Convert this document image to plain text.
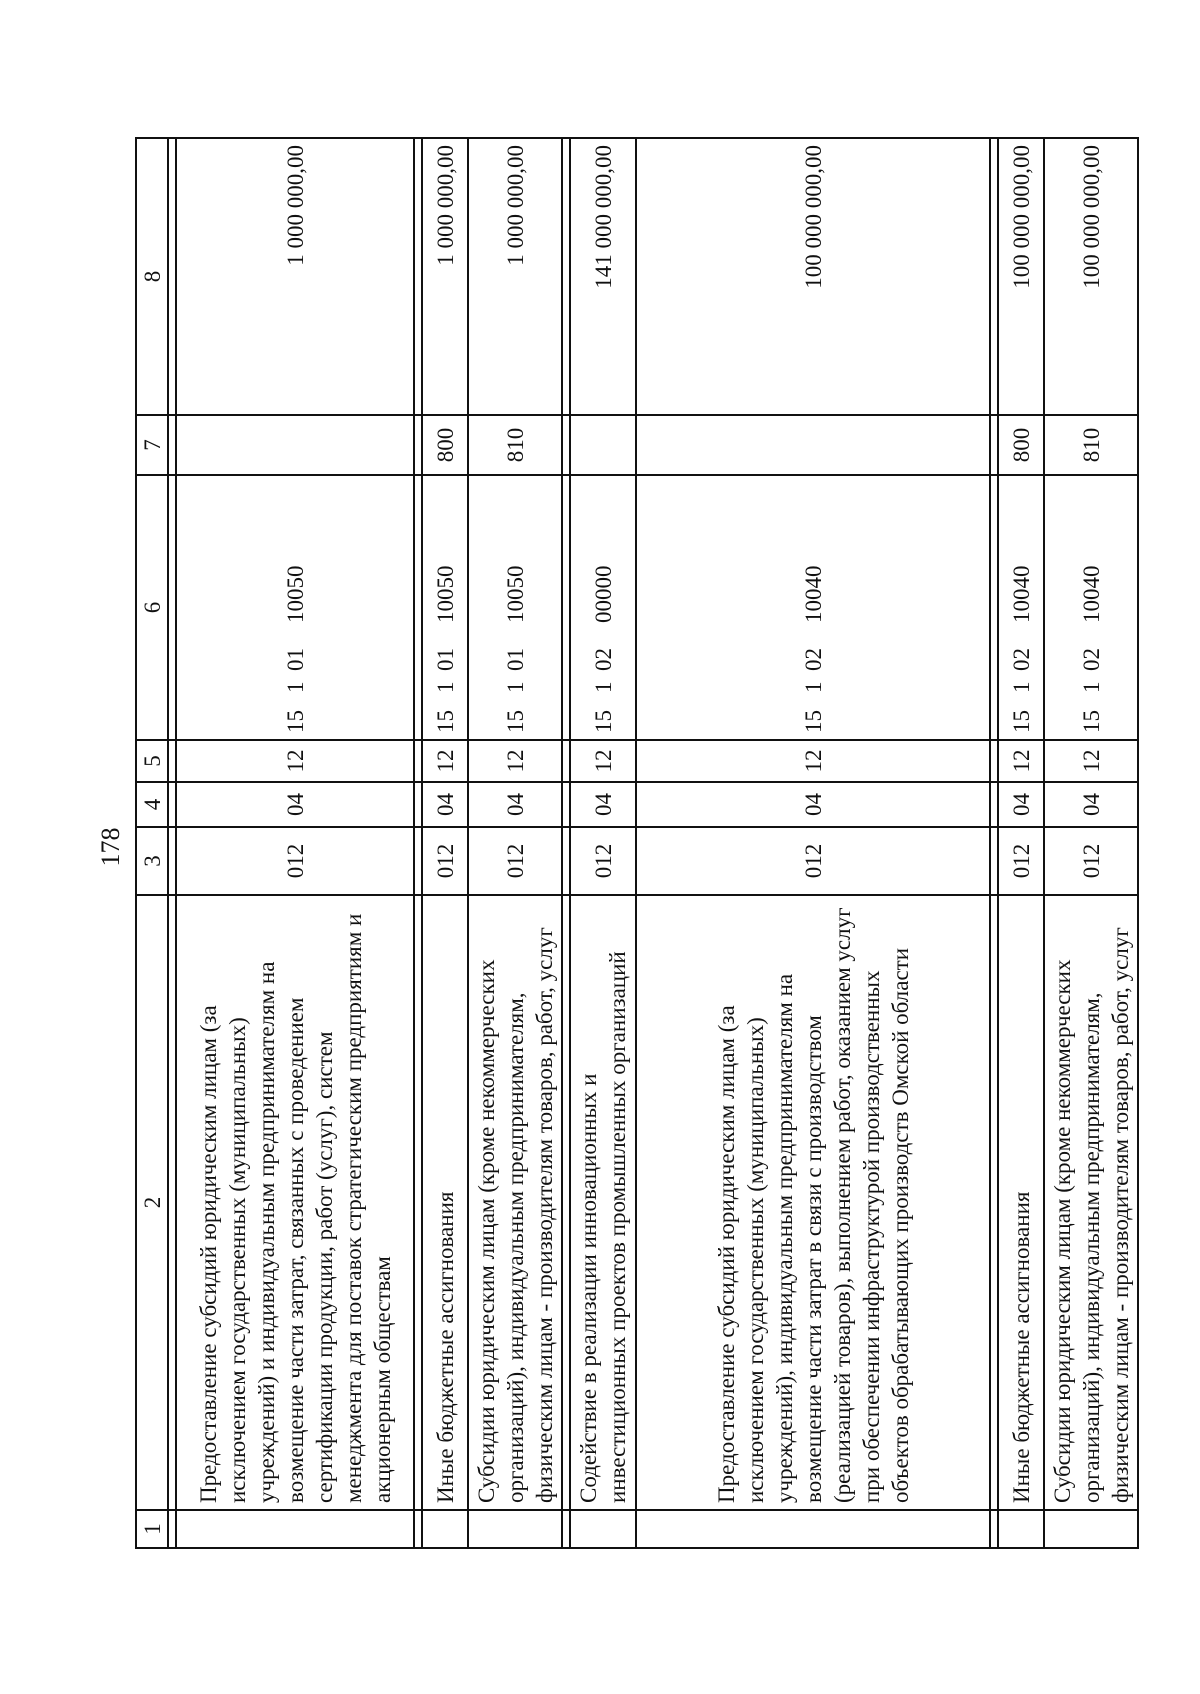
178
1	2	3	4	5	6	7	8

	Предоставление субсидий юридическим лицам (за исключением государственных (муниципальных) учреждений) и индивидуальным предпринимателям на возмещение части затрат, связанных с проведением сертификации продукции, работ (услуг), систем менеджмента для поставок стратегическим предприятиям и акционерным обществам	012	04	12	1510110050		1 000 000,00

	Иные бюджетные ассигнования	012	04	12	1510110050	800	1 000 000,00
	Субсидии юридическим лицам (кроме некоммерческих организаций), индивидуальным предпринимателям, физическим лицам - производителям товаров, работ, услуг	012	04	12	1510110050	810	1 000 000,00

	Содействие в реализации инновационных и инвестиционных проектов промышленных организаций	012	04	12	1510200000		141 000 000,00
	Предоставление субсидий юридическим лицам (за исключением государственных (муниципальных) учреждений), индивидуальным предпринимателям на возмещение части затрат в связи с производством (реализацией товаров), выполнением работ, оказанием услуг при обеспечении инфраструктурой производственных объектов обрабатывающих производств Омской области	012	04	12	1510210040		100 000 000,00

	Иные бюджетные ассигнования	012	04	12	1510210040	800	100 000 000,00
	Субсидии юридическим лицам (кроме некоммерческих организаций), индивидуальным предпринимателям, физическим лицам - производителям товаров, работ, услуг	012	04	12	1510210040	810	100 000 000,00
